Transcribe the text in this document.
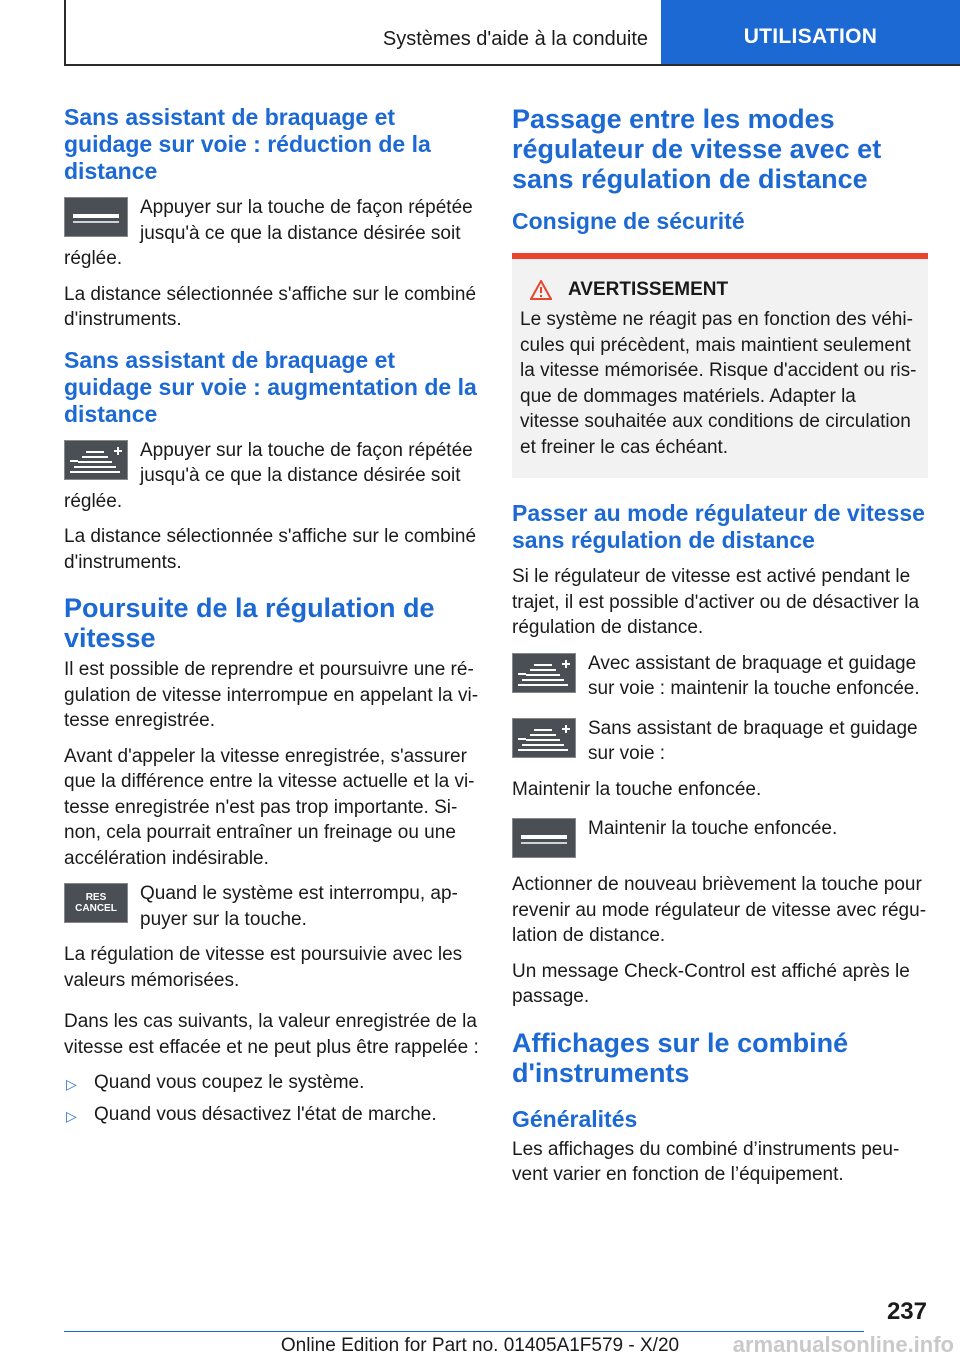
Systèmes d'aide à la conduite	UTILISATION
Sans assistant de braquage et guidage sur voie : réduction de la distance
Appuyer sur la touche de façon répétée jusqu'à ce que la distance désirée soit réglée.

La distance sélectionnée s'affiche sur le combiné d'instruments.

Sans assistant de braquage et guidage sur voie : augmentation de la distance
Appuyer sur la touche de façon répétée jusqu'à ce que la distance désirée soit réglée.

La distance sélectionnée s'affiche sur le combiné d'instruments.

Poursuite de la régulation de vitesse

Il est possible de reprendre et poursuivre une régulation de vitesse interrompue en appelant la vitesse enregistrée.

Avant d'appeler la vitesse enregistrée, s'assurer que la différence entre la vitesse actuelle et la vitesse enregistrée n'est pas trop importante. Sinon, cela pourrait entraîner un freinage ou une accélération indésirable.

RES
CANCEL
Quand le système est interrompu, appuyer sur la touche.

La régulation de vitesse est poursuivie avec les valeurs mémorisées.

Dans les cas suivants, la valeur enregistrée de la vitesse est effacée et ne peut plus être rappelée :

▷ Quand vous coupez le système.
▷ Quand vous désactivez l'état de marche.
Passage entre les modes régulateur de vitesse avec et sans régulation de distance
Consigne de sécurité
AVERTISSEMENT

Le système ne réagit pas en fonction des véhicules qui précèdent, mais maintient seulement la vitesse mémorisée. Risque d'accident ou risque de dommages matériels. Adapter la vitesse souhaitée aux conditions de circulation et freiner le cas échéant.

Passer au mode régulateur de vitesse sans régulation de distance

Si le régulateur de vitesse est activé pendant le trajet, il est possible d'activer ou de désactiver la régulation de distance.

Avec assistant de braquage et guidage sur voie : maintenir la touche enfoncée.
Sans assistant de braquage et guidage sur voie :

Maintenir la touche enfoncée.

Maintenir la touche enfoncée.

Actionner de nouveau brièvement la touche pour revenir au mode régulateur de vitesse avec régulation de distance.

Un message Check-Control est affiché après le passage.

Affichages sur le combiné d'instruments
Généralités

Les affichages du combiné d’instruments peuvent varier en fonction de l’équipement.

237
Online Edition for Part no. 01405A1F579 - X/20	armanualsonline.info
